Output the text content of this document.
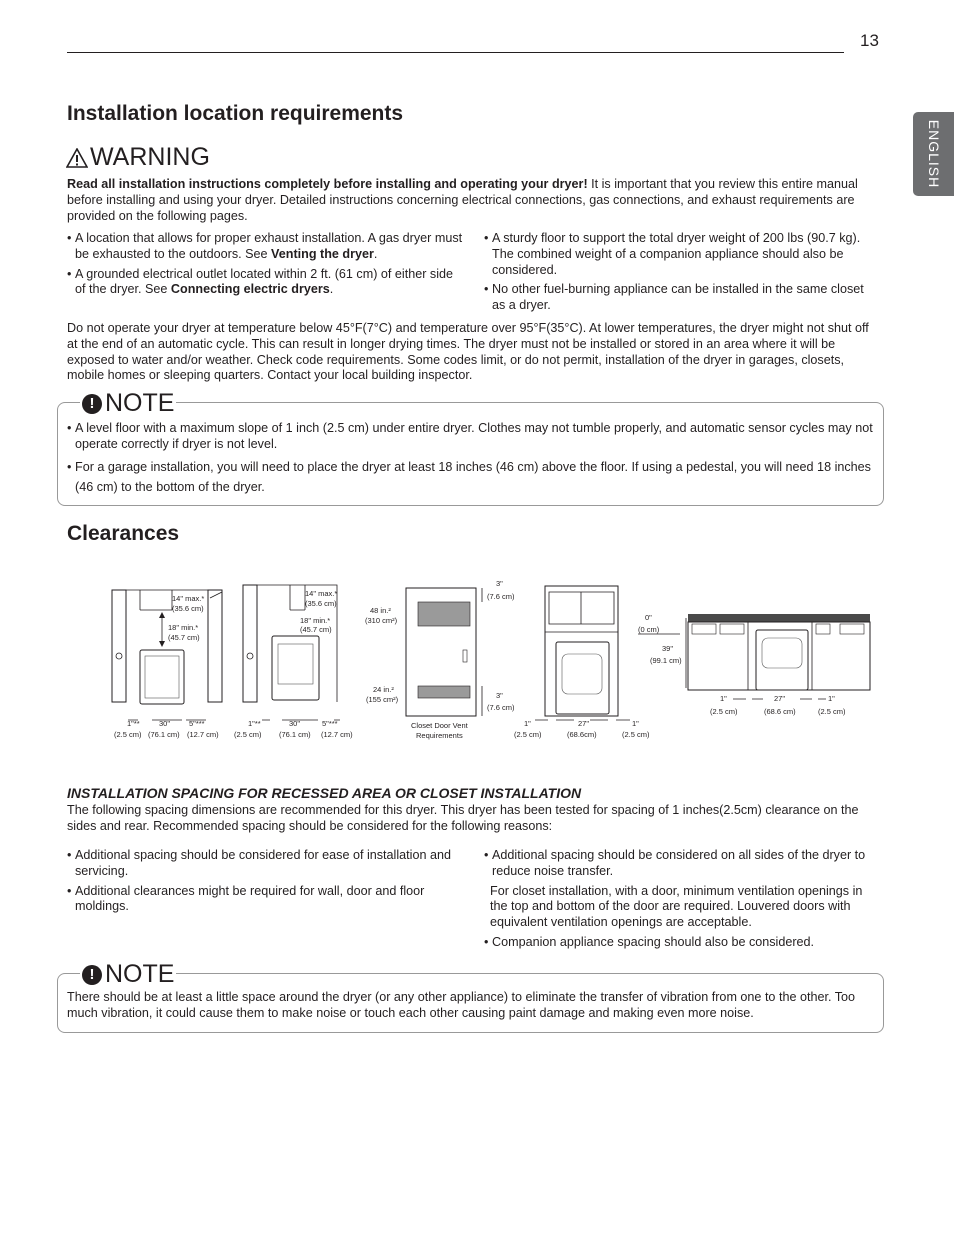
13
ENGLISH
Installation location requirements
WARNING

Read all installation instructions completely before installing and operating your dryer! It is important that you review this entire manual before installing and using your dryer. Detailed instructions concerning electrical connections, gas connections, and exhaust requirements are provided on the following pages.

• A location that allows for proper exhaust installation. A gas dryer must be exhausted to the outdoors. See Venting the dryer.
• A grounded electrical outlet located within 2 ft. (61 cm) of either side of the dryer. See Connecting electric dryers.
• A sturdy floor to support the total dryer weight of 200 lbs (90.7 kg). The combined weight of a companion appliance should also be considered.
• No other fuel-burning appliance can be installed in the same closet as a dryer.

Do not operate your dryer at temperature below 45°F(7°C) and temperature over 95°F(35°C). At lower temperatures, the dryer might not shut off at the end of an automatic cycle. This can result in longer drying times. The dryer must not be installed or stored in an area where it will be exposed to water and/or weather. Check code requirements. Some codes limit, or do not permit, installation of the dryer in garages, closets, mobile homes or sleeping quarters. Contact your local building inspector.

! NOTE
• A level floor with a maximum slope of 1 inch (2.5 cm) under entire dryer. Clothes may not tumble properly, and automatic sensor cycles may not operate correctly if dryer is not level.
• For a garage installation, you will need to place the dryer at least 18 inches (46 cm) above the floor. If using a pedestal, you will need 18 inches (46 cm) to the bottom of the dryer.
Clearances
14" max.*
(35.6 cm)
18" min.*
(45.7 cm)
1"**	30"	5"***
(2.5 cm) (76.1 cm) (12.7 cm)
14" max.*
(35.6 cm)
18" min.*
(45.7 cm)
1"**	30"	5"***
(2.5 cm) (76.1 cm) (12.7 cm)
48 in.²
(310 cm²)
24 in.²
(155 cm²)
3"
(7.6 cm)
3"
(7.6 cm)
Closet Door Vent
Requirements
0"
(0 cm)
39"
(99.1 cm)
1"	27"	1"
(2.5 cm)	(68.6cm)	(2.5 cm)
1"	27"	1"
(2.5 cm)	(68.6 cm)	(2.5 cm)
INSTALLATION SPACING FOR RECESSED AREA OR CLOSET INSTALLATION

The following spacing dimensions are recommended for this dryer. This dryer has been tested for spacing of 1 inches(2.5cm) clearance on the sides and rear. Recommended spacing should be considered for the following reasons:

• Additional spacing should be considered for ease of installation and servicing.
• Additional clearances might be required for wall, door and floor moldings.
• Additional spacing should be considered on all sides of the dryer to reduce noise transfer.

For closet installation, with a door, minimum ventilation openings in the top and bottom of the door are required. Louvered doors with equivalent ventilation openings are acceptable.

• Companion appliance spacing should also be considered.
! NOTE

There should be at least a little space around the dryer (or any other appliance) to eliminate the transfer of vibration from one to the other. Too much vibration, it could cause them to make noise or touch each other causing paint damage and making even more noise.
